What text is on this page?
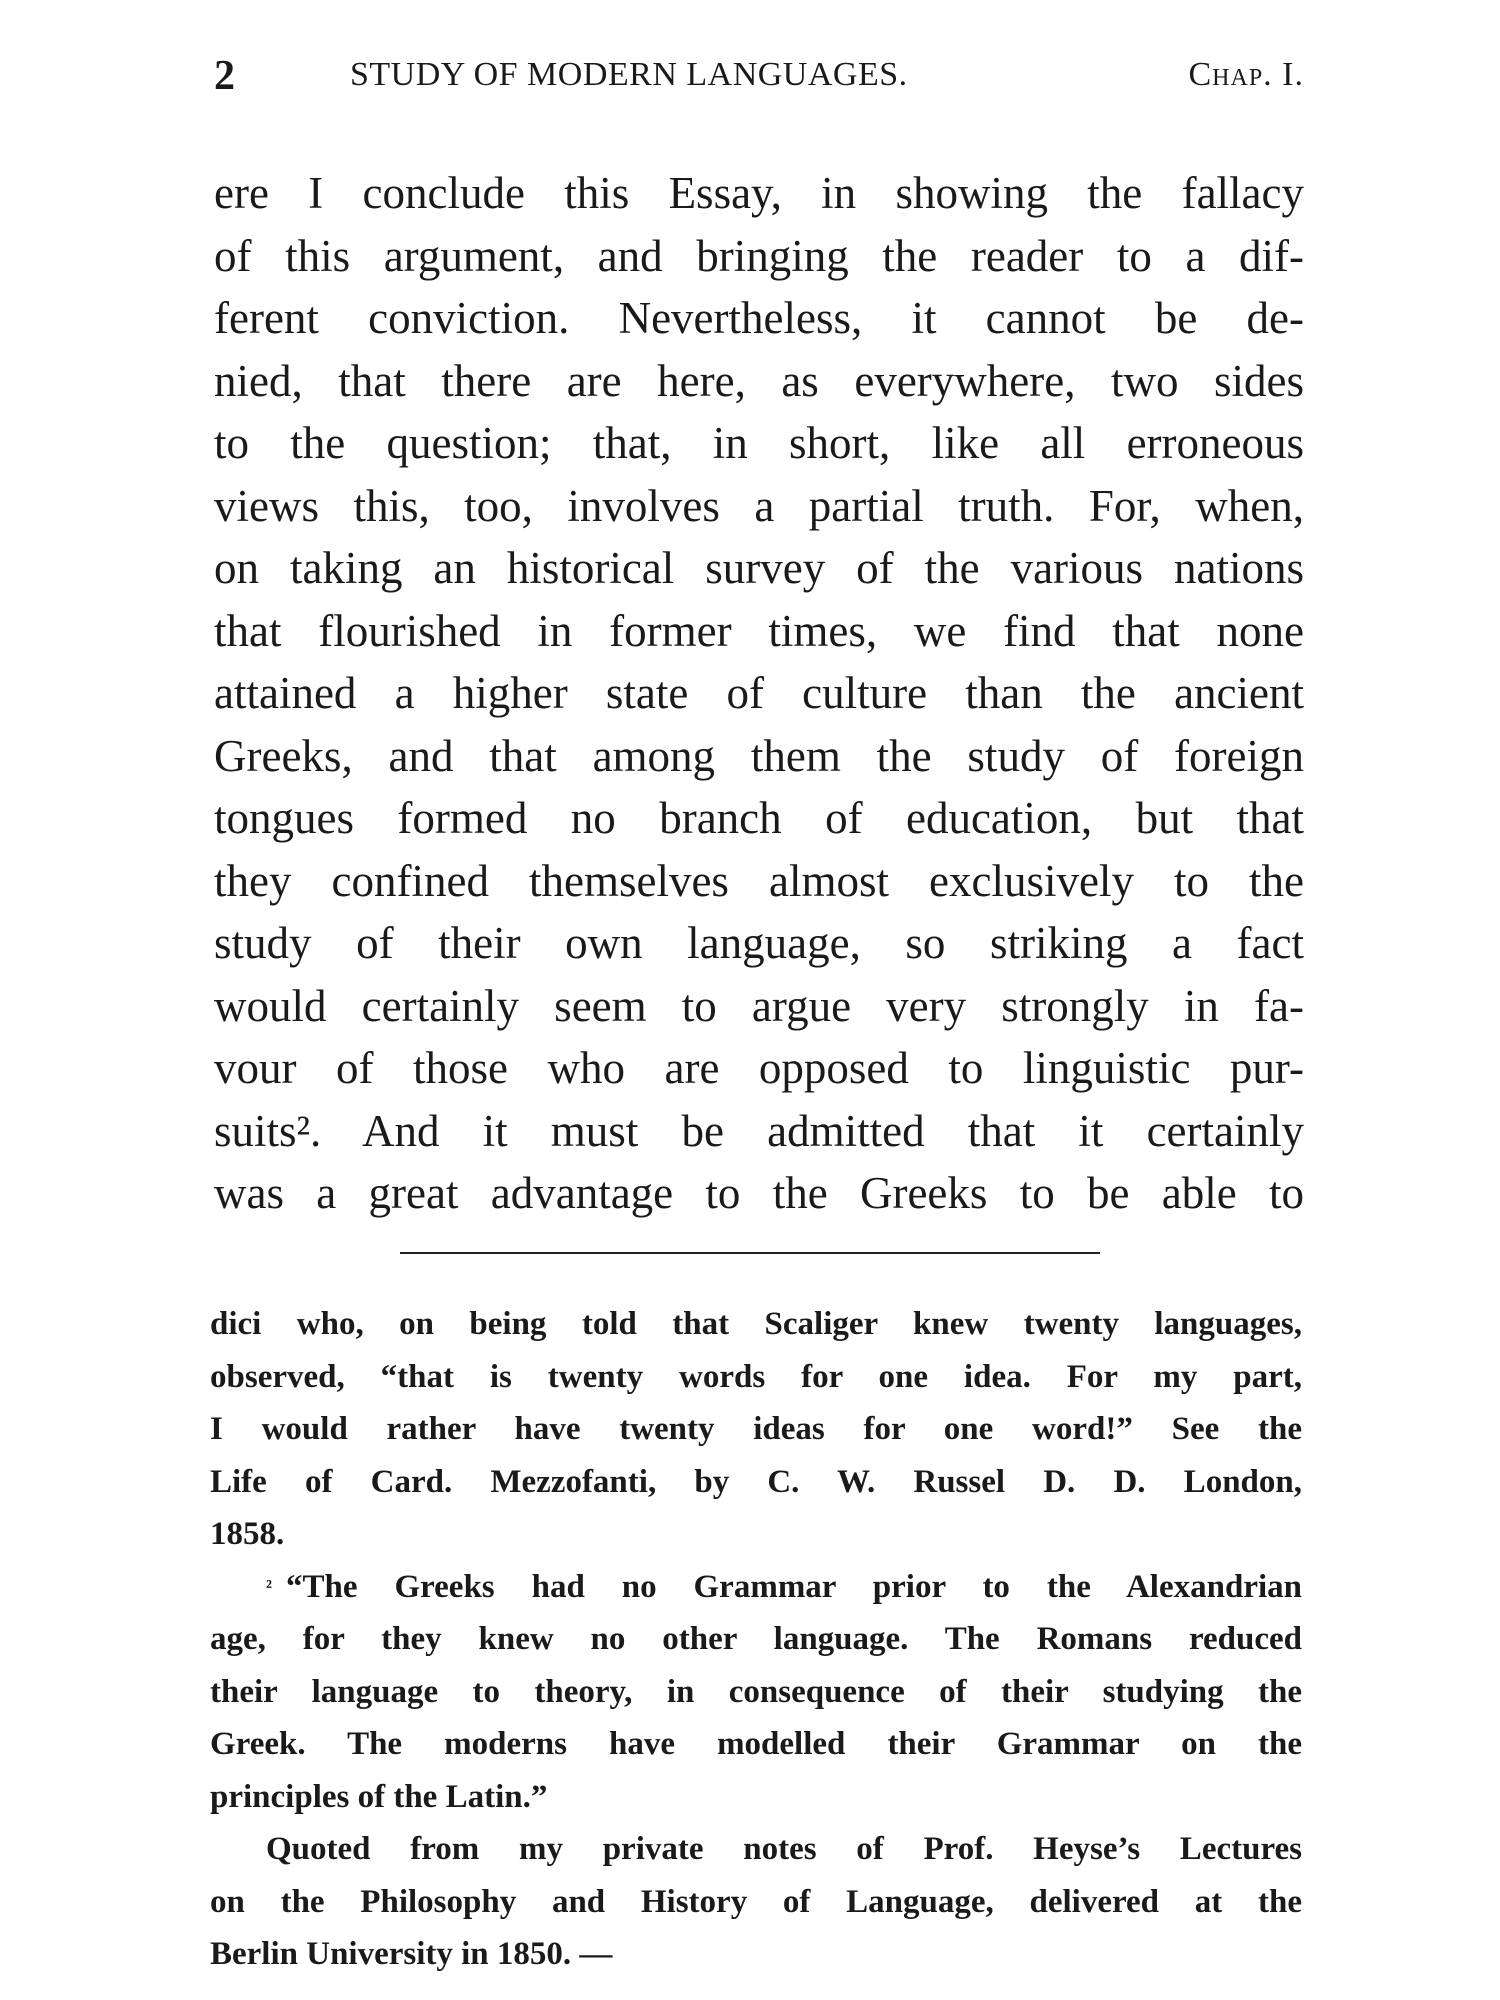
2	STUDY OF MODERN LANGUAGES.	Chap. I.
ere I conclude this Essay, in showing the fallacy
of this argument, and bringing the reader to a dif-
ferent conviction. Nevertheless, it cannot be de-
nied, that there are here, as everywhere, two sides
to the question; that, in short, like all erroneous
views this, too, involves a partial truth. For, when,
on taking an historical survey of the various nations
that flourished in former times, we find that none
attained a higher state of culture than the ancient
Greeks, and that among them the study of foreign
tongues formed no branch of education, but that
they confined themselves almost exclusively to the
study of their own language, so striking a fact
would certainly seem to argue very strongly in fa-
vour of those who are opposed to linguistic pur-
suits². And it must be admitted that it certainly
was a great advantage to the Greeks to be able to
dici who, on being told that Scaliger knew twenty languages,
observed, “that is twenty words for one idea. For my part,
I would rather have twenty ideas for one word!” See the
Life of Card. Mezzofanti, by C. W. Russel D. D. London,
1858.
$^{^2}$ “The Greeks had no Grammar prior to the Alexandrian
age, for they knew no other language. The Romans reduced
their language to theory, in consequence of their studying the
Greek. The moderns have modelled their Grammar on the
principles of the Latin.”
Quoted from my private notes of Prof. Heyse’s Lectures
on the Philosophy and History of Language, delivered at the
Berlin University in 1850. —
